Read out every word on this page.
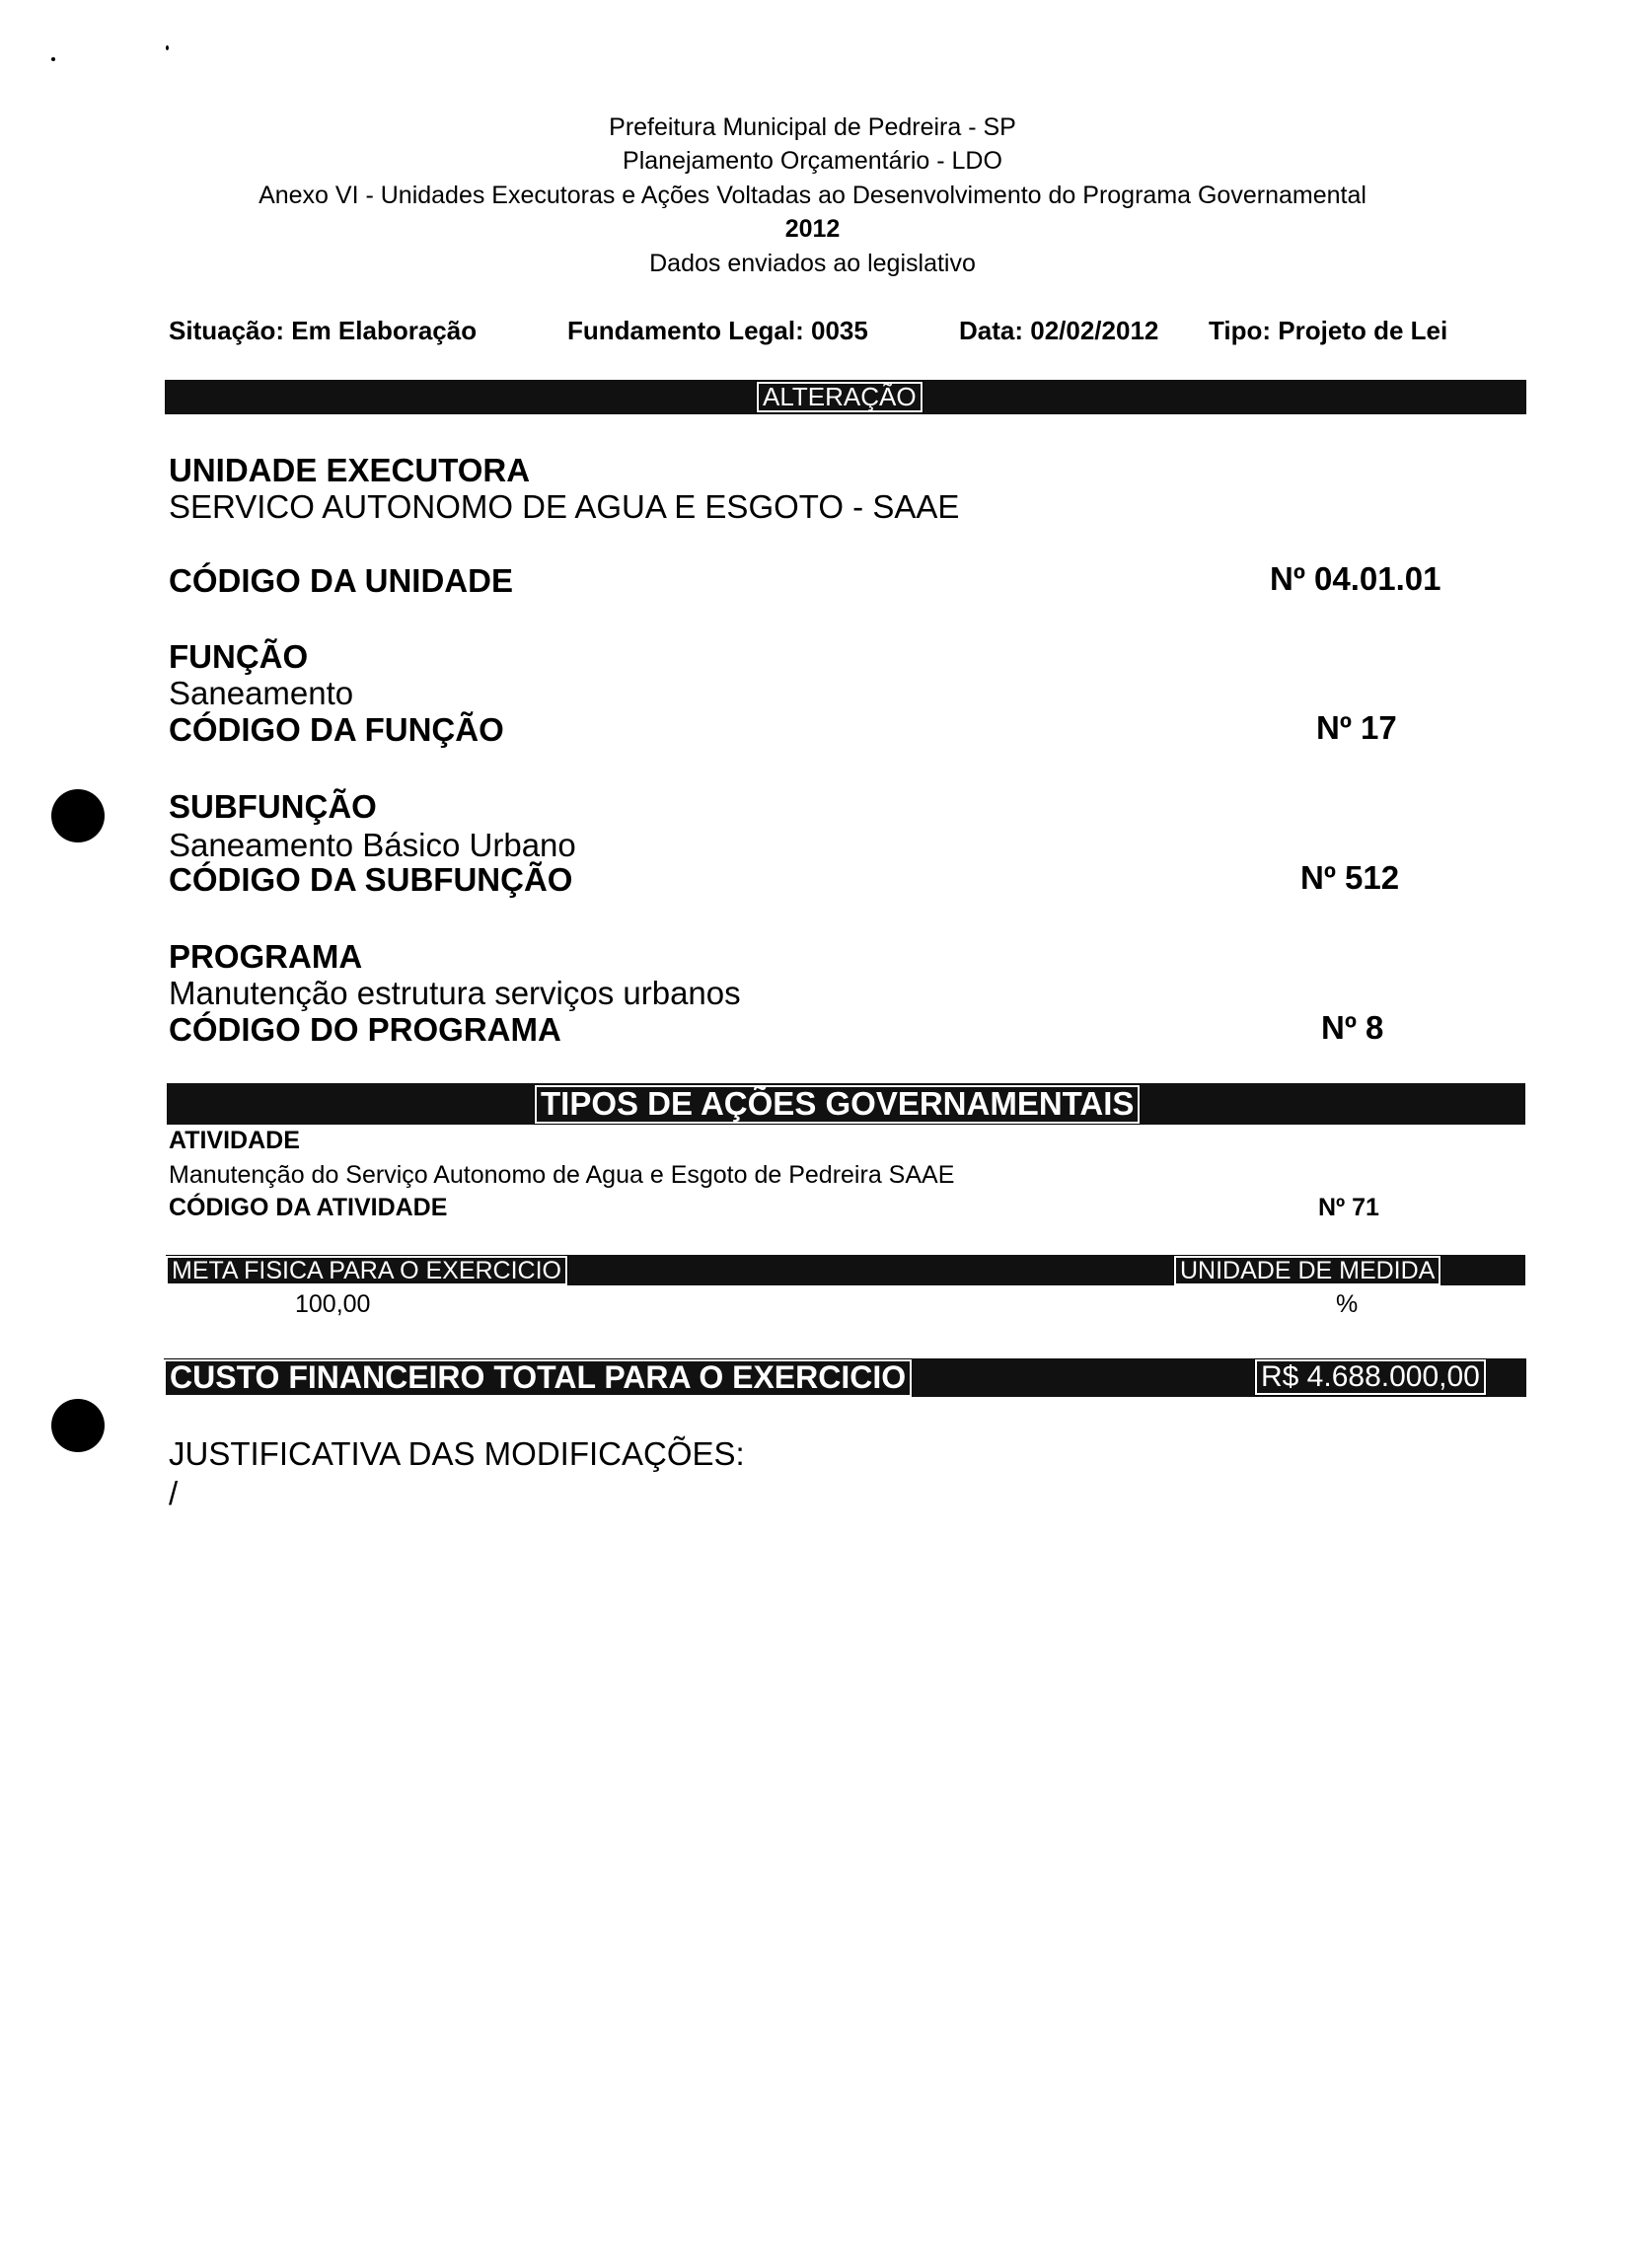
Prefeitura Municipal de Pedreira - SP
Planejamento Orçamentário - LDO
Anexo VI - Unidades Executoras e Ações Voltadas ao Desenvolvimento do Programa Governamental
2012
Dados enviados ao legislativo
Situação: Em Elaboração	Fundamento Legal: 0035	Data: 02/02/2012 Tipo: Projeto de Lei
ALTERAÇÃO
UNIDADE EXECUTORA
SERVICO AUTONOMO DE AGUA E ESGOTO - SAAE
CÓDIGO DA UNIDADE	Nº 04.01.01
FUNÇÃO
Saneamento
CÓDIGO DA FUNÇÃO	Nº 17
SUBFUNÇÃO
Saneamento Básico Urbano
CÓDIGO DA SUBFUNÇÃO	Nº 512
PROGRAMA
Manutenção estrutura serviços urbanos
CÓDIGO DO PROGRAMA	Nº 8
TIPOS DE AÇÕES GOVERNAMENTAIS
ATIVIDADE
Manutenção do Serviço Autonomo de Agua e Esgoto de Pedreira SAAE
CÓDIGO DA ATIVIDADE	Nº 71
META FISICA PARA O EXERCICIO	UNIDADE DE MEDIDA
100,00	%
CUSTO FINANCEIRO TOTAL PARA O EXERCICIO	R$ 4.688.000,00
JUSTIFICATIVA DAS MODIFICAÇÕES:
/
